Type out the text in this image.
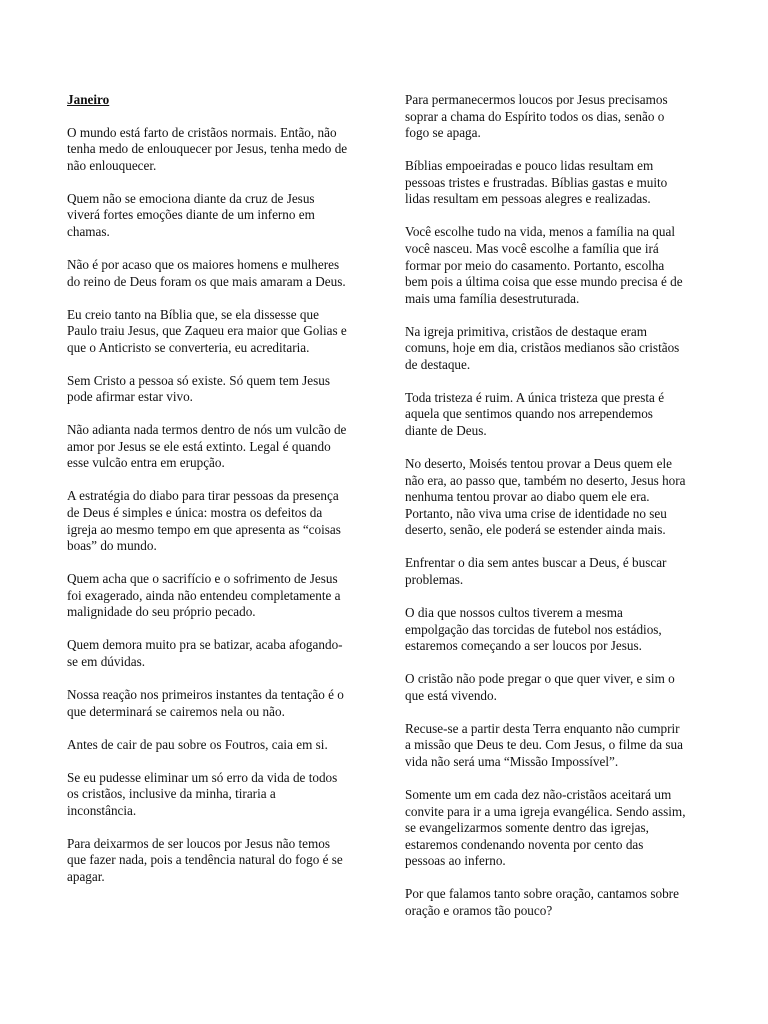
Janeiro

O mundo está farto de cristãos normais. Então, não
tenha medo de enlouquecer por Jesus, tenha medo de
não enlouquecer.

Quem não se emociona diante da cruz de Jesus
viverá fortes emoções diante de um inferno em
chamas.

Não é por acaso que os maiores homens e mulheres
do reino de Deus foram os que mais amaram a Deus.

Eu creio tanto na Bíblia que, se ela dissesse que
Paulo traiu Jesus, que Zaqueu era maior que Golias e
que o Anticristo se converteria, eu acreditaria.

Sem Cristo a pessoa só existe. Só quem tem Jesus
pode afirmar estar vivo.

Não adianta nada termos dentro de nós um vulcão de
amor por Jesus se ele está extinto. Legal é quando
esse vulcão entra em erupção.

A estratégia do diabo para tirar pessoas da presença
de Deus é simples e única: mostra os defeitos da
igreja ao mesmo tempo em que apresenta as “coisas
boas” do mundo.

Quem acha que o sacrifício e o sofrimento de Jesus
foi exagerado, ainda não entendeu completamente a
malignidade do seu próprio pecado.

Quem demora muito pra se batizar, acaba afogando-
se em dúvidas.

Nossa reação nos primeiros instantes da tentação é o
que determinará se cairemos nela ou não.

Antes de cair de pau sobre os Foutros, caia em si.

Se eu pudesse eliminar um só erro da vida de todos
os cristãos, inclusive da minha, tiraria a
inconstância.

Para deixarmos de ser loucos por Jesus não temos
que fazer nada, pois a tendência natural do fogo é se
apagar.

Para permanecermos loucos por Jesus precisamos
soprar a chama do Espírito todos os dias, senão o
fogo se apaga.

Bíblias empoeiradas e pouco lidas resultam em
pessoas tristes e frustradas. Bíblias gastas e muito
lidas resultam em pessoas alegres e realizadas.

Você escolhe tudo na vida, menos a família na qual
você nasceu. Mas você escolhe a família que irá
formar por meio do casamento. Portanto, escolha
bem pois a última coisa que esse mundo precisa é de
mais uma família desestruturada.

Na igreja primitiva, cristãos de destaque eram
comuns, hoje em dia, cristãos medianos são cristãos
de destaque.

Toda tristeza é ruim. A única tristeza que presta é
aquela que sentimos quando nos arrependemos
diante de Deus.

No deserto, Moisés tentou provar a Deus quem ele
não era, ao passo que, também no deserto, Jesus hora
nenhuma tentou provar ao diabo quem ele era.
Portanto, não viva uma crise de identidade no seu
deserto, senão, ele poderá se estender ainda mais.

Enfrentar o dia sem antes buscar a Deus, é buscar
problemas.

O dia que nossos cultos tiverem a mesma
empolgação das torcidas de futebol nos estádios,
estaremos começando a ser loucos por Jesus.

O cristão não pode pregar o que quer viver, e sim o
que está vivendo.

Recuse-se a partir desta Terra enquanto não cumprir
a missão que Deus te deu. Com Jesus, o filme da sua
vida não será uma “Missão Impossível”.

Somente um em cada dez não-cristãos aceitará um
convite para ir a uma igreja evangélica. Sendo assim,
se evangelizarmos somente dentro das igrejas,
estaremos condenando noventa por cento das
pessoas ao inferno.

Por que falamos tanto sobre oração, cantamos sobre
oração e oramos tão pouco?
